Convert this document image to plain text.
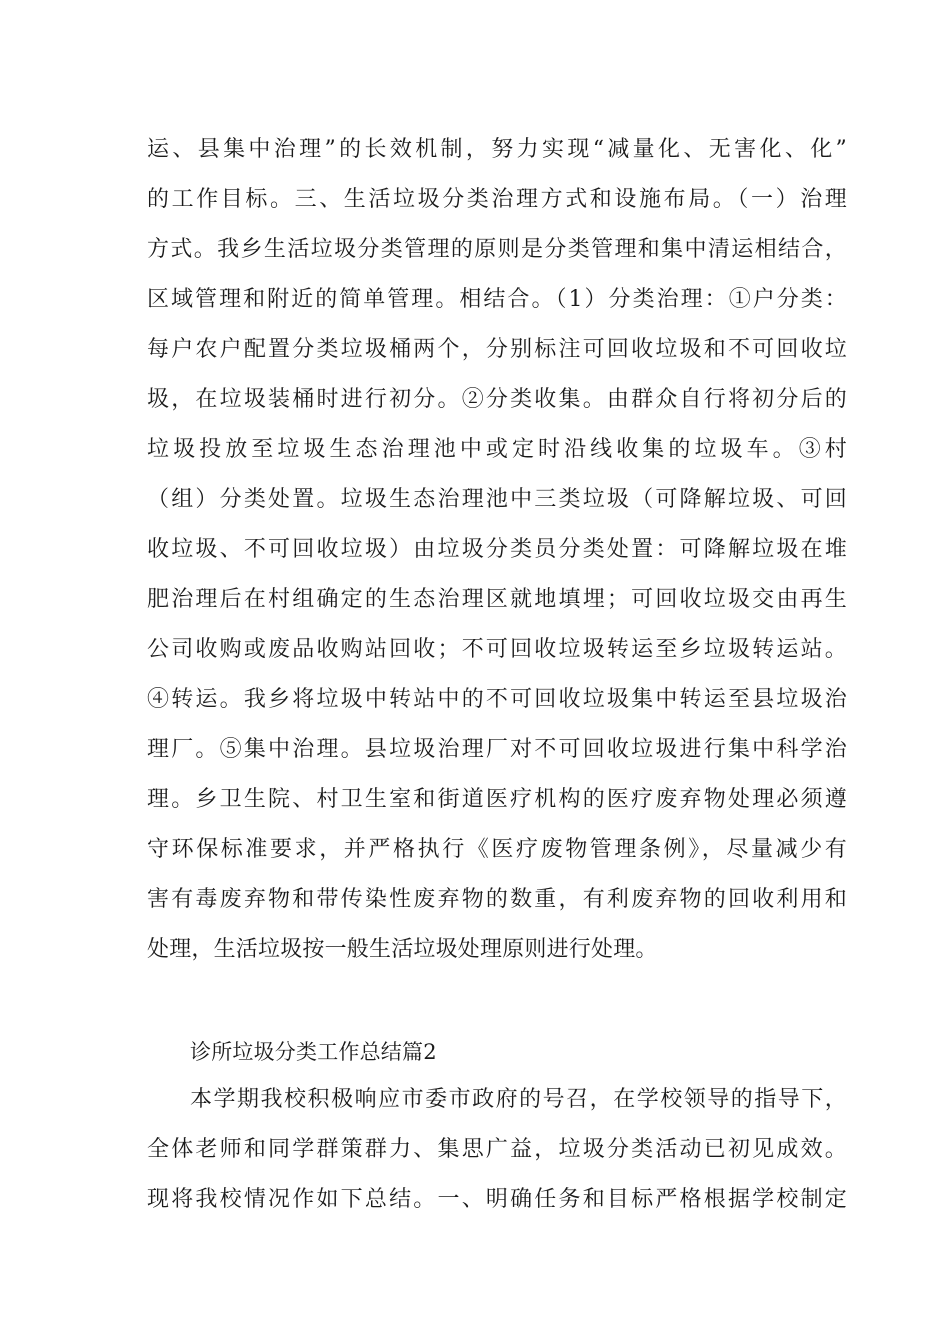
运、县集中治理”的长效机制，努力实现“减量化、无害化、化”
的工作目标。三、生活垃圾分类治理方式和设施布局。（一）治理
方式。我乡生活垃圾分类管理的原则是分类管理和集中清运相结合，
区域管理和附近的简单管理。相结合。（1）分类治理：①户分类：
每户农户配置分类垃圾桶两个，分别标注可回收垃圾和不可回收垃
圾，在垃圾装桶时进行初分。②分类收集。由群众自行将初分后的
垃圾投放至垃圾生态治理池中或定时沿线收集的垃圾车。③村
（组）分类处置。垃圾生态治理池中三类垃圾（可降解垃圾、可回
收垃圾、不可回收垃圾）由垃圾分类员分类处置：可降解垃圾在堆
肥治理后在村组确定的生态治理区就地填埋；可回收垃圾交由再生
公司收购或废品收购站回收；不可回收垃圾转运至乡垃圾转运站。
④转运。我乡将垃圾中转站中的不可回收垃圾集中转运至县垃圾治
理厂。⑤集中治理。县垃圾治理厂对不可回收垃圾进行集中科学治
理。乡卫生院、村卫生室和街道医疗机构的医疗废弃物处理必须遵
守环保标准要求，并严格执行《医疗废物管理条例》，尽量减少有
害有毒废弃物和带传染性废弃物的数重，有利废弃物的回收利用和
处理，生活垃圾按一般生活垃圾处理原则进行处理。
诊所垃圾分类工作总结篇2
本学期我校积极响应市委市政府的号召，在学校领导的指导下，
全体老师和同学群策群力、集思广益，垃圾分类活动已初见成效。
现将我校情况作如下总结。一、明确任务和目标严格根据学校制定
